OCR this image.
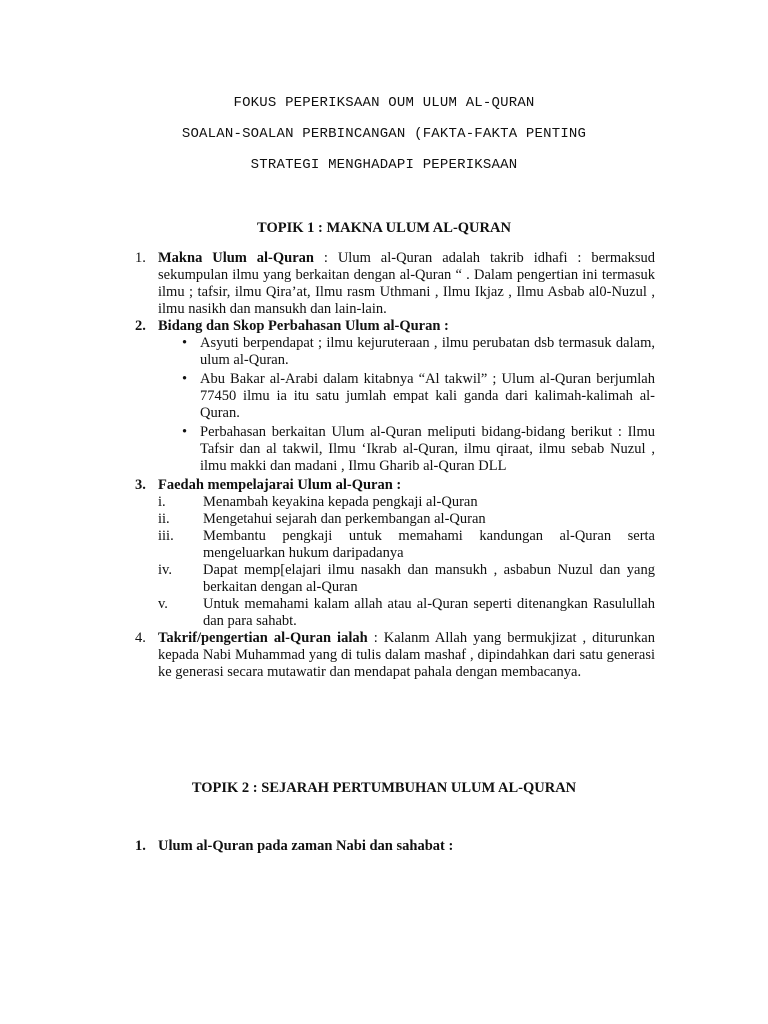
FOKUS PEPERIKSAAN OUM ULUM AL-QURAN
SOALAN-SOALAN PERBINCANGAN (FAKTA-FAKTA PENTING
STRATEGI MENGHADAPI PEPERIKSAAN
TOPIK 1 : MAKNA ULUM AL-QURAN
1. Makna Ulum al-Quran : Ulum al-Quran adalah takrib idhafi : bermaksud sekumpulan ilmu yang berkaitan dengan al-Quran “ . Dalam pengertian ini termasuk ilmu ; tafsir, ilmu Qira’at, Ilmu rasm Uthmani , Ilmu Ikjaz , Ilmu Asbab al0-Nuzul , ilmu nasikh dan mansukh dan lain-lain.
2. Bidang dan Skop Perbahasan Ulum al-Quran :
• Asyuti berpendapat ; ilmu kejuruteraan , ilmu perubatan dsb termasuk dalam, ulum al-Quran.
• Abu Bakar al-Arabi dalam kitabnya “Al takwil” ; Ulum al-Quran berjumlah 77450 ilmu ia itu satu jumlah empat kali ganda dari kalimah-kalimah al-Quran.
• Perbahasan berkaitan Ulum al-Quran meliputi bidang-bidang berikut : Ilmu Tafsir dan al takwil, Ilmu ‘Ikrab al-Quran, ilmu qiraat, ilmu sebab Nuzul , ilmu makki dan madani , Ilmu Gharib al-Quran DLL
3. Faedah mempelajarai Ulum al-Quran :
i.	Menambah keyakina kepada pengkaji al-Quran
ii. Mengetahui sejarah dan perkembangan al-Quran
iii. Membantu pengkaji untuk memahami kandungan al-Quran serta mengeluarkan hukum daripadanya
iv. Dapat memp[elajari ilmu nasakh dan mansukh , asbabun Nuzul dan yang berkaitan dengan al-Quran
v. Untuk memahami kalam allah atau al-Quran seperti ditenangkan Rasulullah dan para sahabt.
4. Takrif/pengertian al-Quran ialah : Kalanm Allah yang bermukjizat , diturunkan kepada Nabi Muhammad yang di tulis dalam mashaf , dipindahkan dari satu generasi ke generasi secara mutawatir dan mendapat pahala dengan membacanya.
TOPIK 2 : SEJARAH PERTUMBUHAN ULUM AL-QURAN
1. Ulum al-Quran pada zaman Nabi dan sahabat :
